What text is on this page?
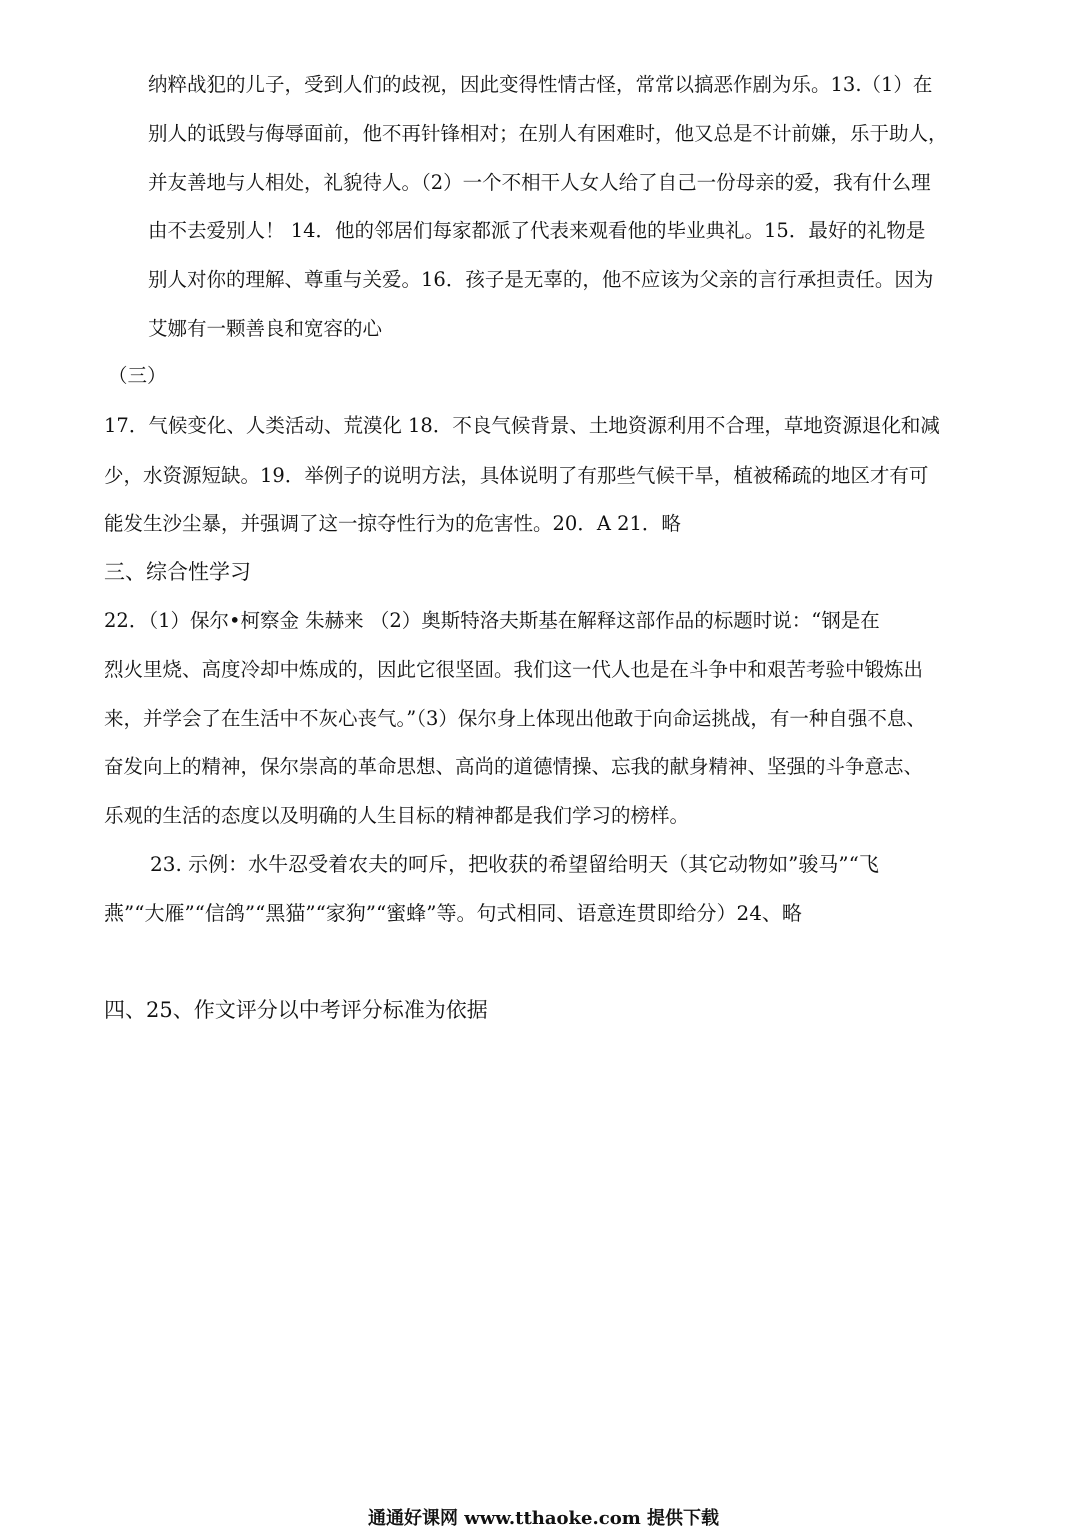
纳粹战犯的儿子，受到人们的歧视，因此变得性情古怪，常常以搞恶作剧为乐。13.（1）在
别人的诋毁与侮辱面前，他不再针锋相对；在别人有困难时，他又总是不计前嫌，乐于助人，
并友善地与人相处，礼貌待人。（2）一个不相干人女人给了自己一份母亲的爱，我有什么理
由不去爱别人！ 14．他的邻居们每家都派了代表来观看他的毕业典礼。15．最好的礼物是
别人对你的理解、尊重与关爱。16．孩子是无辜的，他不应该为父亲的言行承担责任。因为
艾娜有一颗善良和宽容的心
（三）
17．气候变化、人类活动、荒漠化 18．不良气候背景、土地资源利用不合理，草地资源退化和减
少，水资源短缺。19．举例子的说明方法，具体说明了有那些气候干旱，植被稀疏的地区才有可
能发生沙尘暴，并强调了这一掠夺性行为的危害性。20．A 21．略
三、综合性学习
22．（1）保尔•柯察金 朱赫来 （2）奥斯特洛夫斯基在解释这部作品的标题时说：“钢是在
烈火里烧、高度冷却中炼成的，因此它很坚固。我们这一代人也是在斗争中和艰苦考验中锻炼出
来，并学会了在生活中不灰心丧气。”（3）保尔身上体现出他敢于向命运挑战，有一种自强不息、
奋发向上的精神，保尔崇高的革命思想、高尚的道德情操、忘我的献身精神、坚强的斗争意志、
乐观的生活的态度以及明确的人生目标的精神都是我们学习的榜样。
23. 示例：水牛忍受着农夫的呵斥，把收获的希望留给明天（其它动物如”骏马”“飞
燕”“大雁”“信鸽”“黑猫”“家狗”“蜜蜂”等。句式相同、语意连贯即给分）24、略
四、25、作文评分以中考评分标准为依据
通通好课网 www.tthaoke.com 提供下载
